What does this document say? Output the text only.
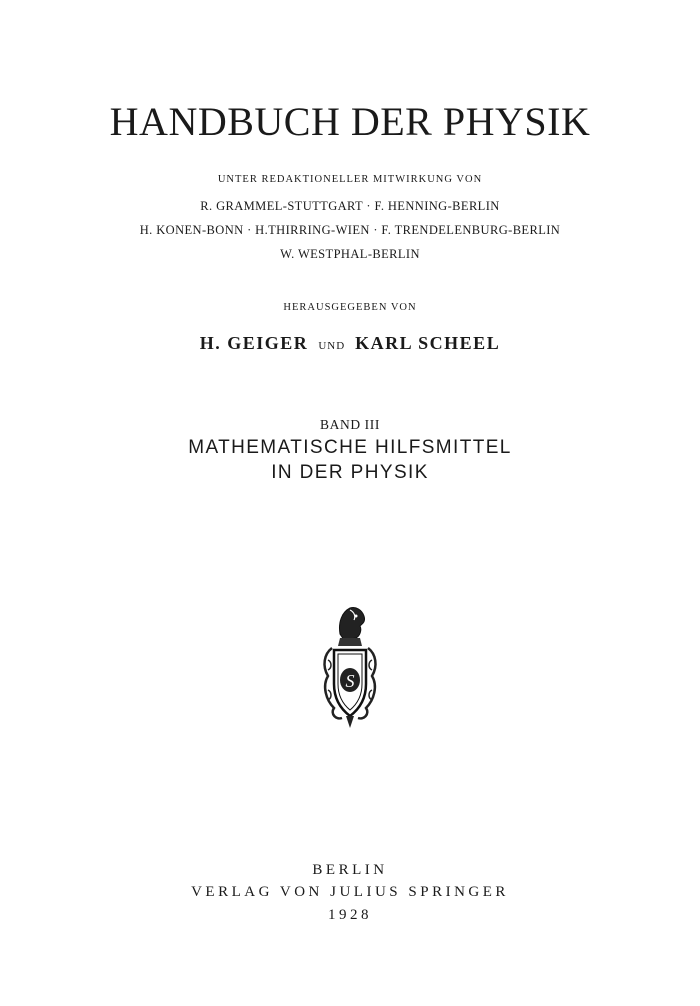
HANDBUCH DER PHYSIK
UNTER REDAKTIONELLER MITWIRKUNG VON
R. GRAMMEL-STUTTGART · F. HENNING-BERLIN
H. KONEN-BONN · H.THIRRING-WIEN · F. TRENDELENBURG-BERLIN
W. WESTPHAL-BERLIN
HERAUSGEGEBEN VON
H. GEIGER UND KARL SCHEEL
BAND III
MATHEMATISCHE HILFSMITTEL
IN DER PHYSIK
S
BERLIN
VERLAG VON JULIUS SPRINGER
1928
